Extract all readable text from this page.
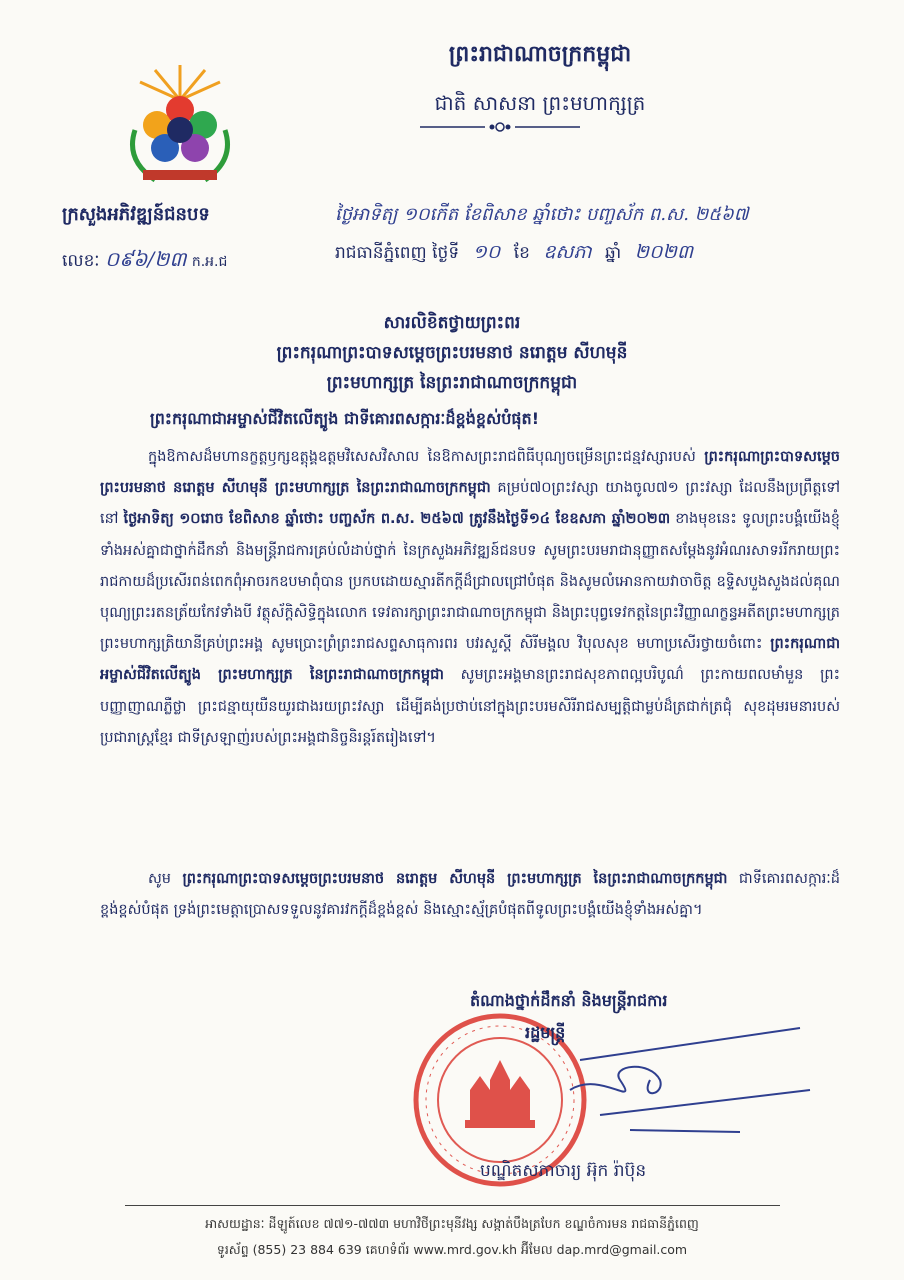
ព្រះរាជាណាចក្រកម្ពុជា
ជាតិ សាសនា ព្រះមហាក្សត្រ
ក្រសួងអភិវឌ្ឍន៍ជនបទ
លេខៈ ០៩៦/២៣ ក.អ.ជ
ថ្ងៃអាទិត្យ ១០កើត ខែពិសាខ ឆ្នាំថោះ បញ្ចស័ក ព.ស. ២៥៦៧
រាជធានីភ្នំពេញ ថ្ងៃទី ១០ ខែ ឧសភា ឆ្នាំ ២០២៣
សារលិខិតថ្វាយព្រះពរ
ព្រះករុណាព្រះបាទសម្តេចព្រះបរមនាថ នរោត្តម សីហមុនី
ព្រះមហាក្សត្រ នៃព្រះរាជាណាចក្រកម្ពុជា
ព្រះករុណាជាអម្ចាស់ជីវិតលើត្បូង ជាទីគោរពសក្ការៈដ៏ខ្ពង់ខ្ពស់បំផុត!
ក្នុងឱកាសដ៏មហានក្ខត្តឫក្សឧត្តុង្គឧត្តមវិសេសវិសាល នៃឱកាសព្រះរាជពិធីបុណ្យចម្រើនព្រះជន្មវស្សារបស់ ព្រះករុណាព្រះបាទសម្តេចព្រះបរមនាថ នរោត្តម សីហមុនី ព្រះមហាក្សត្រ នៃព្រះរាជាណាចក្រកម្ពុជា គម្រប់៧០ព្រះវស្សា យាងចូល៧១ ព្រះវស្សា ដែលនឹងប្រព្រឹត្តទៅនៅ ថ្ងៃអាទិត្យ ១០រោច ខែពិសាខ ឆ្នាំថោះ បញ្ចស័ក ព.ស. ២៥៦៧ ត្រូវនឹងថ្ងៃទី១៤ ខែឧសភា ឆ្នាំ២០២៣ ខាងមុខនេះ ទូលព្រះបង្គំយើងខ្ញុំទាំងអស់គ្នាជាថ្នាក់ដឹកនាំ និងមន្ត្រីរាជការគ្រប់លំដាប់ថ្នាក់ នៃក្រសួងអភិវឌ្ឍន៍ជនបទ សូមព្រះបរមរាជានុញ្ញាតសម្តែងនូវអំណរសាទររីករាយព្រះរាជកាយដ៏ប្រសើរពន់ពេកពុំអាចរកឧបមាពុំបាន ប្រកបដោយស្មារតីកក្តីដ៏ជ្រាលជ្រៅបំផុត និងសូមលំអោនកាយវាចាចិត្ត ឧទ្ទិសបួងសួងដល់គុណបុណ្យព្រះរតនត្រ័យកែវទាំងបី វត្ថុស័ក្តិសិទ្ធិក្នុងលោក ទេវតារក្សាព្រះរាជាណាចក្រកម្ពុជា និងព្រះបុព្វទេវកត្តនៃព្រះវិញ្ញាណក្ខន្ធអតីតព្រះមហាក្សត្រ ព្រះមហាក្សត្រិយានីគ្រប់ព្រះអង្គ សូមប្រោះព្រំព្រះរាជសព្ទសាធុការពរ បវរសួស្តី សិរីមង្គល វិបុលសុខ មហាប្រសើរថ្វាយចំពោះ ព្រះករុណាជាអម្ចាស់ជីវិតលើត្បូង ព្រះមហាក្សត្រ នៃព្រះរាជាណាចក្រកម្ពុជា សូមព្រះអង្គមានព្រះរាជសុខភាពល្អបរិបូណ៌ ព្រះកាយពលមាំមួន ព្រះបញ្ញាញាណភ្លឺថ្លា ព្រះជន្មាយុយឺនយូរជាងរយព្រះវស្សា ដើម្បីគង់ប្រថាប់នៅក្នុងព្រះបរមសិរីរាជសម្បត្តិជាម្លប់ដ៏ត្រជាក់ត្រជុំ សុខដុមរមនារបស់ប្រជារាស្ត្រខ្មែរ ជាទីស្រឡាញ់របស់ព្រះអង្គជានិច្ចនិរន្តរ៍តរៀងទៅ។
សូម ព្រះករុណាព្រះបាទសម្តេចព្រះបរមនាថ នរោត្តម សីហមុនី ព្រះមហាក្សត្រ នៃព្រះរាជាណាចក្រកម្ពុជា ជាទីគោរពសក្ការៈដ៏ខ្ពង់ខ្ពស់បំផុត ទ្រង់ព្រះមេត្តាប្រោសទទួលនូវគារវកក្តីដ៏ខ្ពង់ខ្ពស់ និងស្មោះស្ម័គ្របំផុតពីទូលព្រះបង្គំយើងខ្ញុំទាំងអស់គ្នា។
តំណាងថ្នាក់ដឹកនាំ និងមន្ត្រីរាជការ
រដ្ឋមន្ត្រី
បណ្ឌិតសភាចារ្យ អ៊ុក រ៉ាប៊ុន
អាសយដ្ឋានៈ ដីឡូត៍លេខ ៧៧១-៧៧៣ មហាវិថីព្រះមុនីវង្ស សង្កាត់បឹងត្របែក ខណ្ឌចំការមន រាជធានីភ្នំពេញ
ទូរស័ព្ទ (855) 23 884 639 គេហទំព័រ www.mrd.gov.kh អ៊ីមែល dap.mrd@gmail.com
